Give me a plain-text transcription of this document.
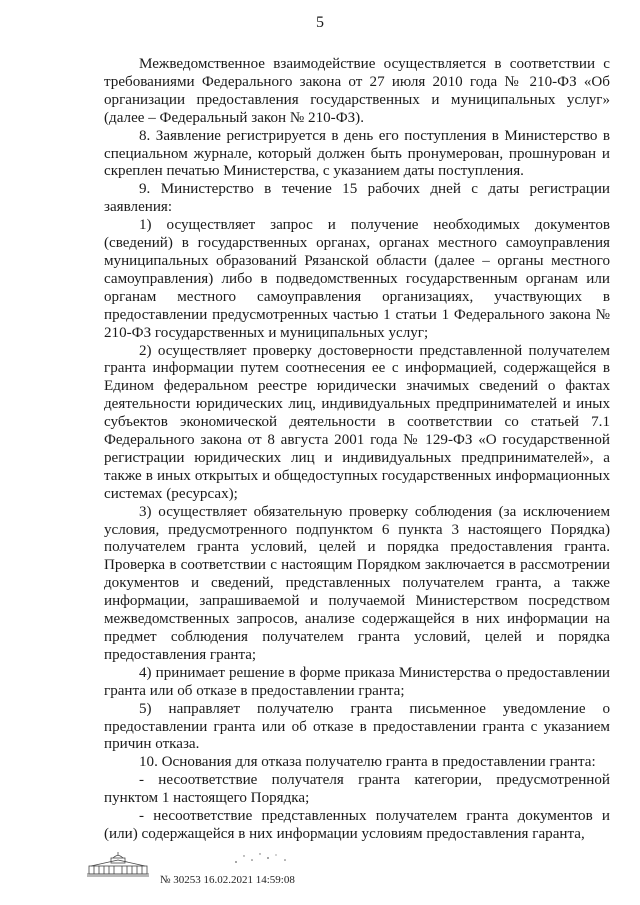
5

Межведомственное взаимодействие осуществляется в соответствии с требованиями Федерального закона от 27 июля 2010 года № 210-ФЗ «Об организации предоставления государственных и муниципальных услуг» (далее – Федеральный закон № 210-ФЗ).

8. Заявление регистрируется в день его поступления в Министерство в специальном журнале, который должен быть пронумерован, прошнурован и скреплен печатью Министерства, с указанием даты поступления.

9. Министерство в течение 15 рабочих дней с даты регистрации заявления:

1) осуществляет запрос и получение необходимых документов (сведений) в государственных органах, органах местного самоуправления муниципальных образований Рязанской области (далее – органы местного самоуправления) либо в подведомственных государственным органам или органам местного самоуправления организациях, участвующих в предоставлении предусмотренных частью 1 статьи 1 Федерального закона № 210-ФЗ государственных и муниципальных услуг;

2) осуществляет проверку достоверности представленной получателем гранта информации путем соотнесения ее с информацией, содержащейся в Едином федеральном реестре юридически значимых сведений о фактах деятельности юридических лиц, индивидуальных предпринимателей и иных субъектов экономической деятельности в соответствии со статьей 7.1 Федерального закона от 8 августа 2001 года № 129-ФЗ «О государственной регистрации юридических лиц и индивидуальных предпринимателей», а также в иных открытых и общедоступных государственных информационных системах (ресурсах);

3) осуществляет обязательную проверку соблюдения (за исключением условия, предусмотренного подпунктом 6 пункта 3 настоящего Порядка) получателем гранта условий, целей и порядка предоставления гранта. Проверка в соответствии с настоящим Порядком заключается в рассмотрении документов и сведений, представленных получателем гранта, а также информации, запрашиваемой и получаемой Министерством посредством межведомственных запросов, анализе содержащейся в них информации на предмет соблюдения получателем гранта условий, целей и порядка предоставления гранта;

4) принимает решение в форме приказа Министерства о предоставлении гранта или об отказе в предоставлении гранта;

5) направляет получателю гранта письменное уведомление о предоставлении гранта или об отказе в предоставлении гранта с указанием причин отказа.

10. Основания для отказа получателю гранта в предоставлении гранта:

- несоответствие получателя гранта категории, предусмотренной пунктом 1 настоящего Порядка;

- несоответствие представленных получателем гранта документов и (или) содержащейся в них информации условиям предоставления гаранта,

№ 30253 16.02.2021 14:59:08
